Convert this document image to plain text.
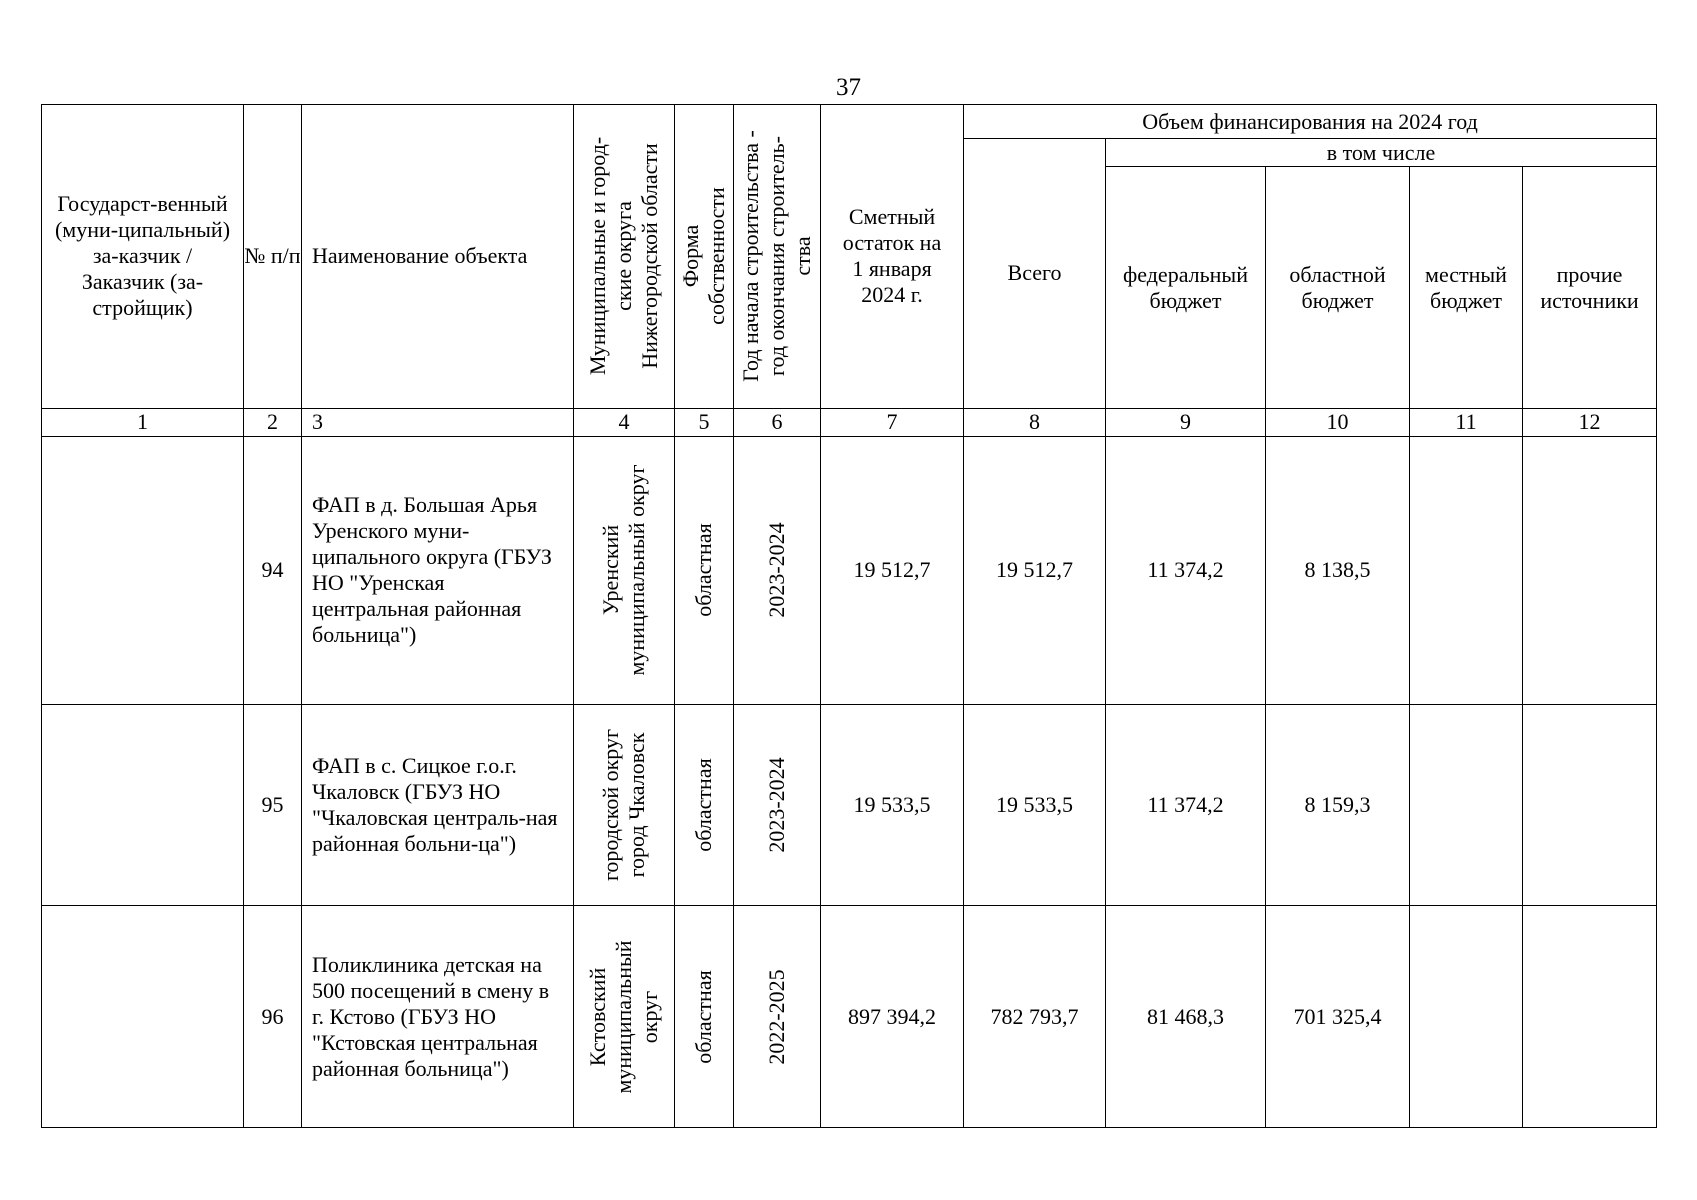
37
Государст-венный (муни-ципальный) за-казчик / Заказчик (за-стройщик)	№ п/п	Наименование объекта	Муниципальные и город-ские округа Нижегородской области	Форма собственности	Год начала строительства - год окончания строитель-ства	Сметный остаток на 1 января 2024 г.	Объем финансирования на 2024 год				
							Всего	в том числе			
								федеральный бюджет	областной бюджет	местный бюджет	прочие источники
1	2	3	4	5	6	7	8	9	10	11	12
	94	ФАП в д. Большая Арья Уренского муни-ципального округа (ГБУЗ НО "Уренская центральная районная больница")	Уренский муниципальный округ	областная	2023-2024	19 512,7	19 512,7	11 374,2	8 138,5		
	95	ФАП в с. Сицкое г.о.г. Чкаловск (ГБУЗ НО "Чкаловская централь-ная районная больни-ца")	городской округ город Чкаловск	областная	2023-2024	19 533,5	19 533,5	11 374,2	8 159,3		
	96	Поликлиника детская на 500 посещений в смену в г. Кстово (ГБУЗ НО "Кстовская центральная районная больница")	Кстовский муниципальный округ	областная	2022-2025	897 394,2	782 793,7	81 468,3	701 325,4		
